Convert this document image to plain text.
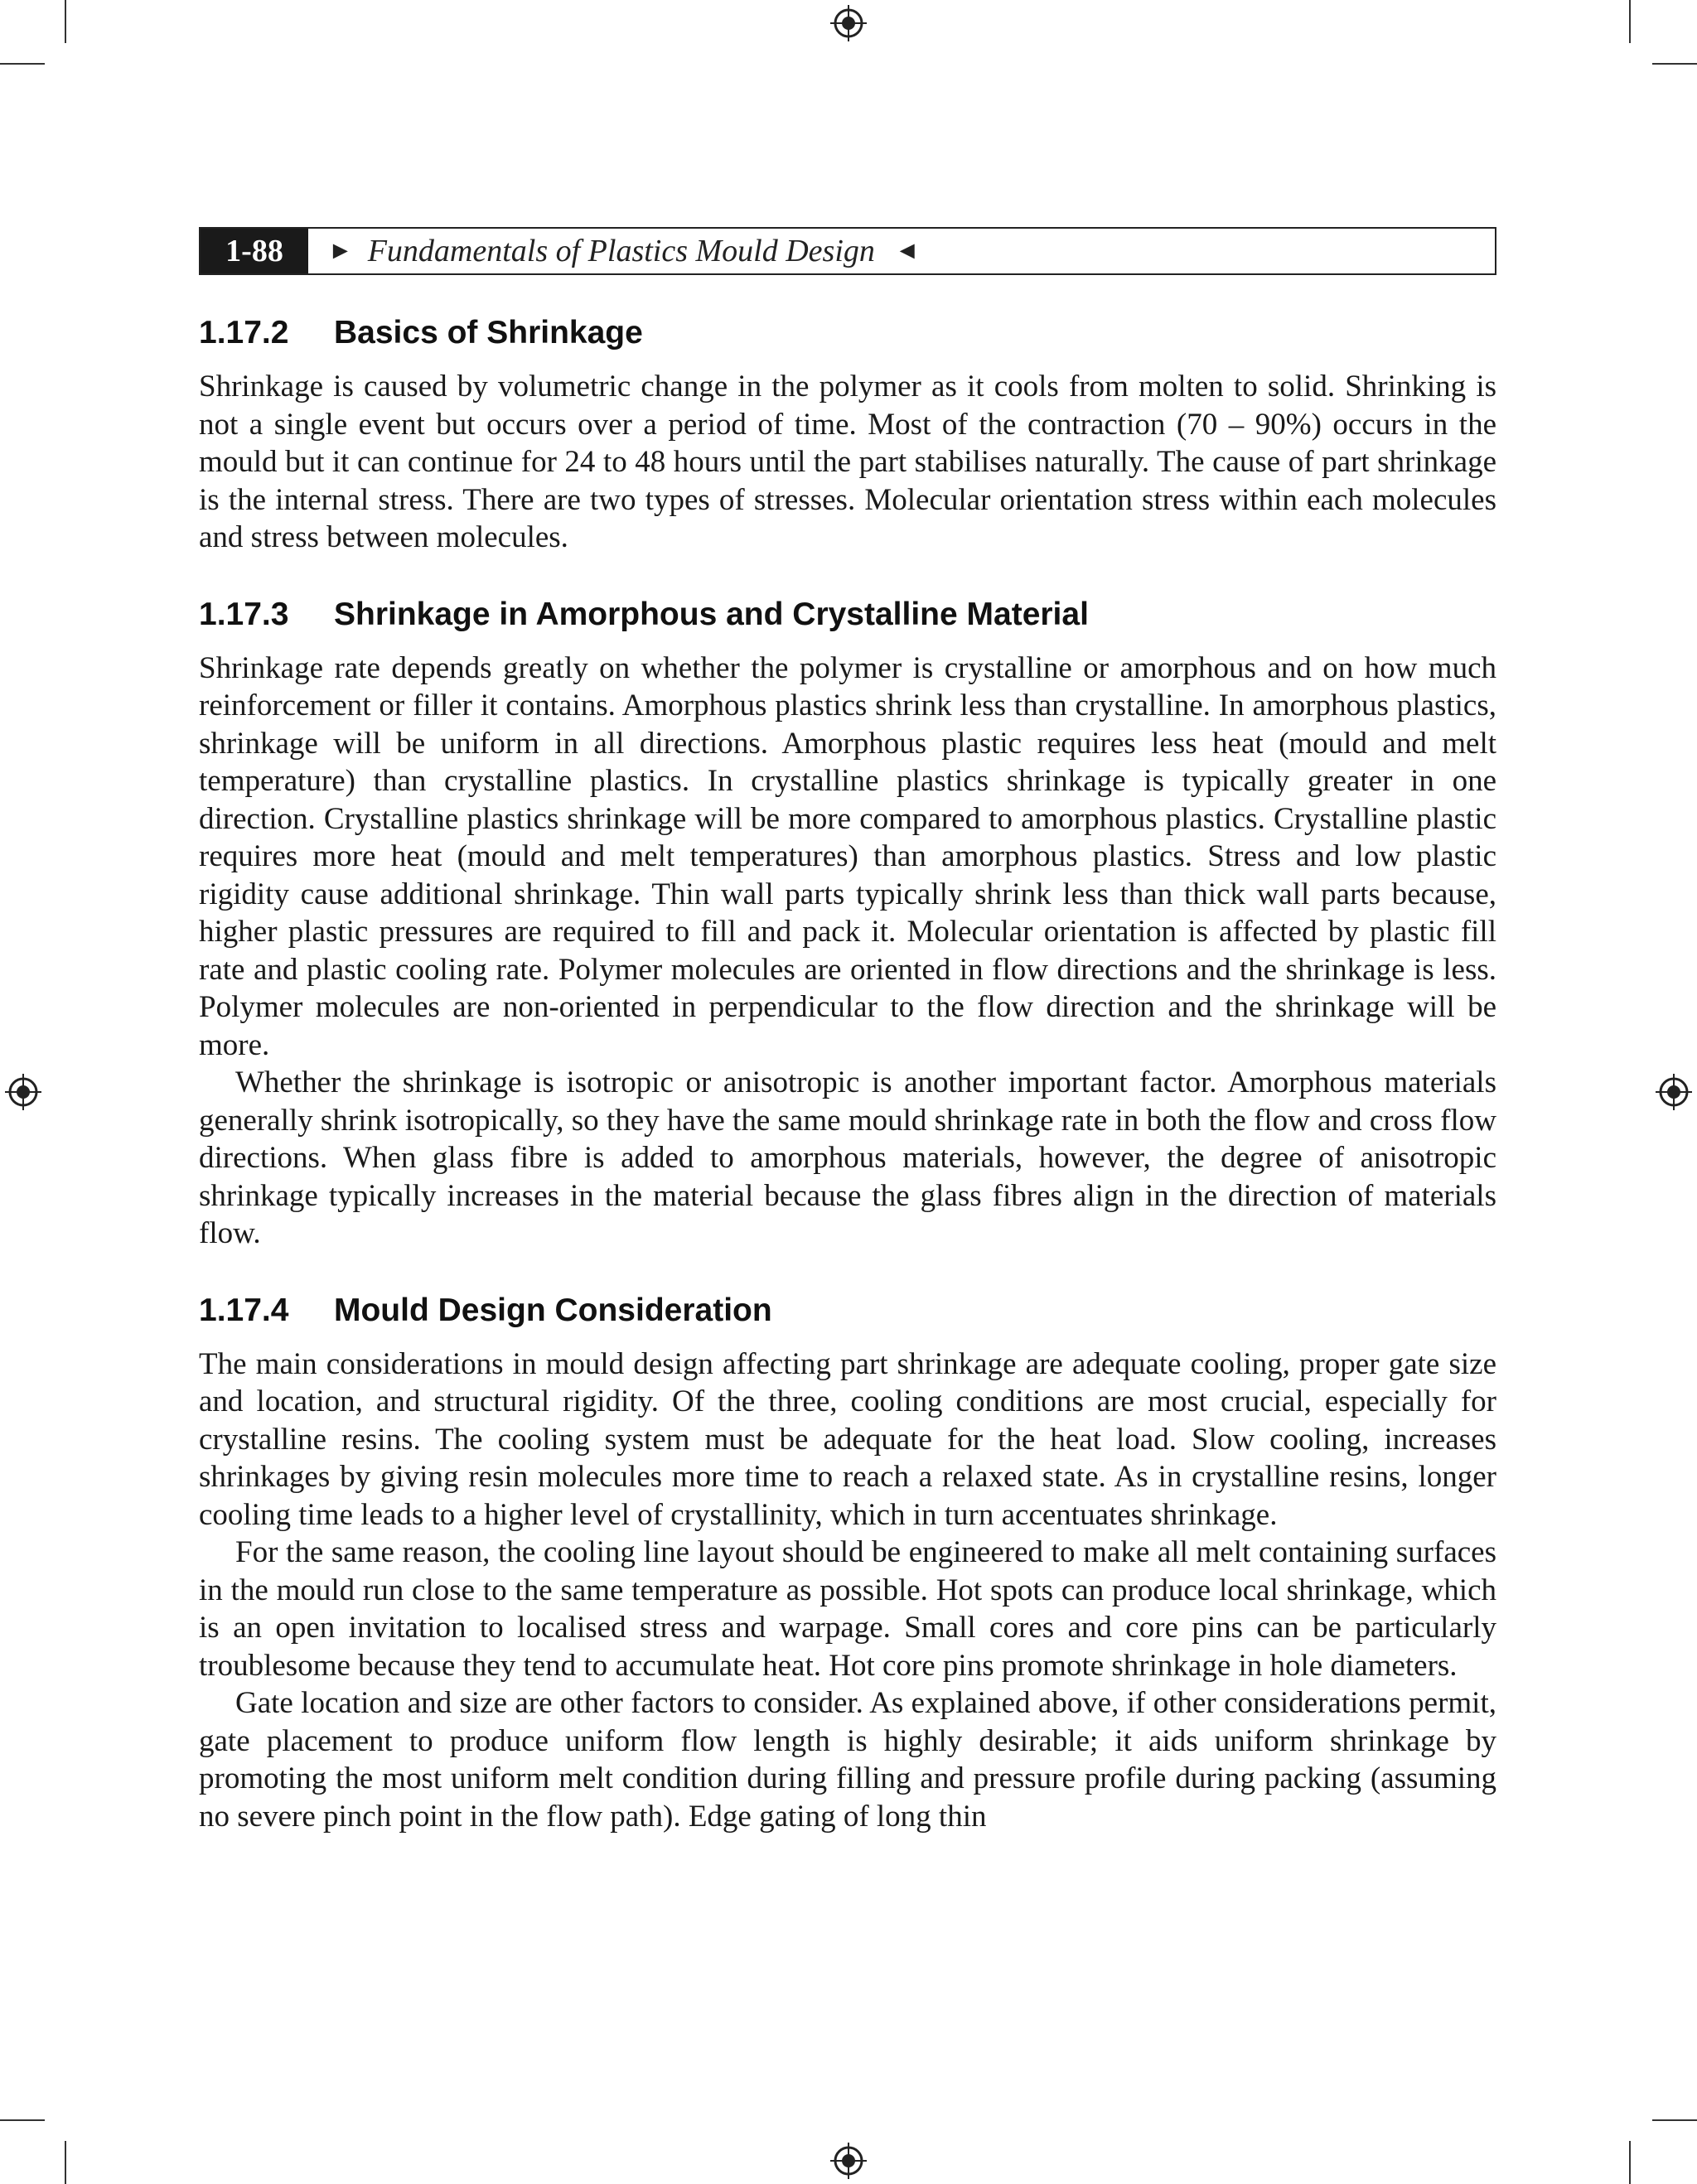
1-88	► Fundamentals of Plastics Mould Design ◄
1.17.2	Basics of Shrinkage

Shrinkage is caused by volumetric change in the polymer as it cools from molten to solid. Shrinking is not a single event but occurs over a period of time. Most of the contraction (70 – 90%) occurs in the mould but it can continue for 24 to 48 hours until the part stabilises naturally. The cause of part shrinkage is the internal stress. There are two types of stresses. Molecular orientation stress within each molecules and stress between molecules.

1.17.3	Shrinkage in Amorphous and Crystalline Material

Shrinkage rate depends greatly on whether the polymer is crystalline or amorphous and on how much reinforcement or filler it contains. Amorphous plastics shrink less than crystalline. In amorphous plastics, shrinkage will be uniform in all directions. Amorphous plastic requires less heat (mould and melt temperature) than crystalline plastics. In crystalline plastics shrinkage is typically greater in one direction. Crystalline plastics shrinkage will be more compared to amorphous plastics. Crystalline plastic requires more heat (mould and melt temperatures) than amorphous plastics. Stress and low plastic rigidity cause additional shrinkage. Thin wall parts typically shrink less than thick wall parts because, higher plastic pressures are required to fill and pack it. Molecular orientation is affected by plastic fill rate and plastic cooling rate. Polymer molecules are oriented in flow directions and the shrinkage is less. Polymer molecules are non-oriented in perpendicular to the flow direction and the shrinkage will be more.

Whether the shrinkage is isotropic or anisotropic is another important factor. Amorphous materials generally shrink isotropically, so they have the same mould shrinkage rate in both the flow and cross flow directions. When glass fibre is added to amorphous materials, however, the degree of anisotropic shrinkage typically increases in the material because the glass fibres align in the direction of materials flow.

1.17.4	Mould Design Consideration

The main considerations in mould design affecting part shrinkage are adequate cooling, proper gate size and location, and structural rigidity. Of the three, cooling conditions are most crucial, especially for crystalline resins. The cooling system must be adequate for the heat load. Slow cooling, increases shrinkages by giving resin molecules more time to reach a relaxed state. As in crystalline resins, longer cooling time leads to a higher level of crystallinity, which in turn accentuates shrinkage.

For the same reason, the cooling line layout should be engineered to make all melt containing surfaces in the mould run close to the same temperature as possible. Hot spots can produce local shrinkage, which is an open invitation to localised stress and warpage. Small cores and core pins can be particularly troublesome because they tend to accumulate heat. Hot core pins promote shrinkage in hole diameters.

Gate location and size are other factors to consider. As explained above, if other considerations permit, gate placement to produce uniform flow length is highly desirable; it aids uniform shrinkage by promoting the most uniform melt condition during filling and pressure profile during packing (assuming no severe pinch point in the flow path). Edge gating of long thin
